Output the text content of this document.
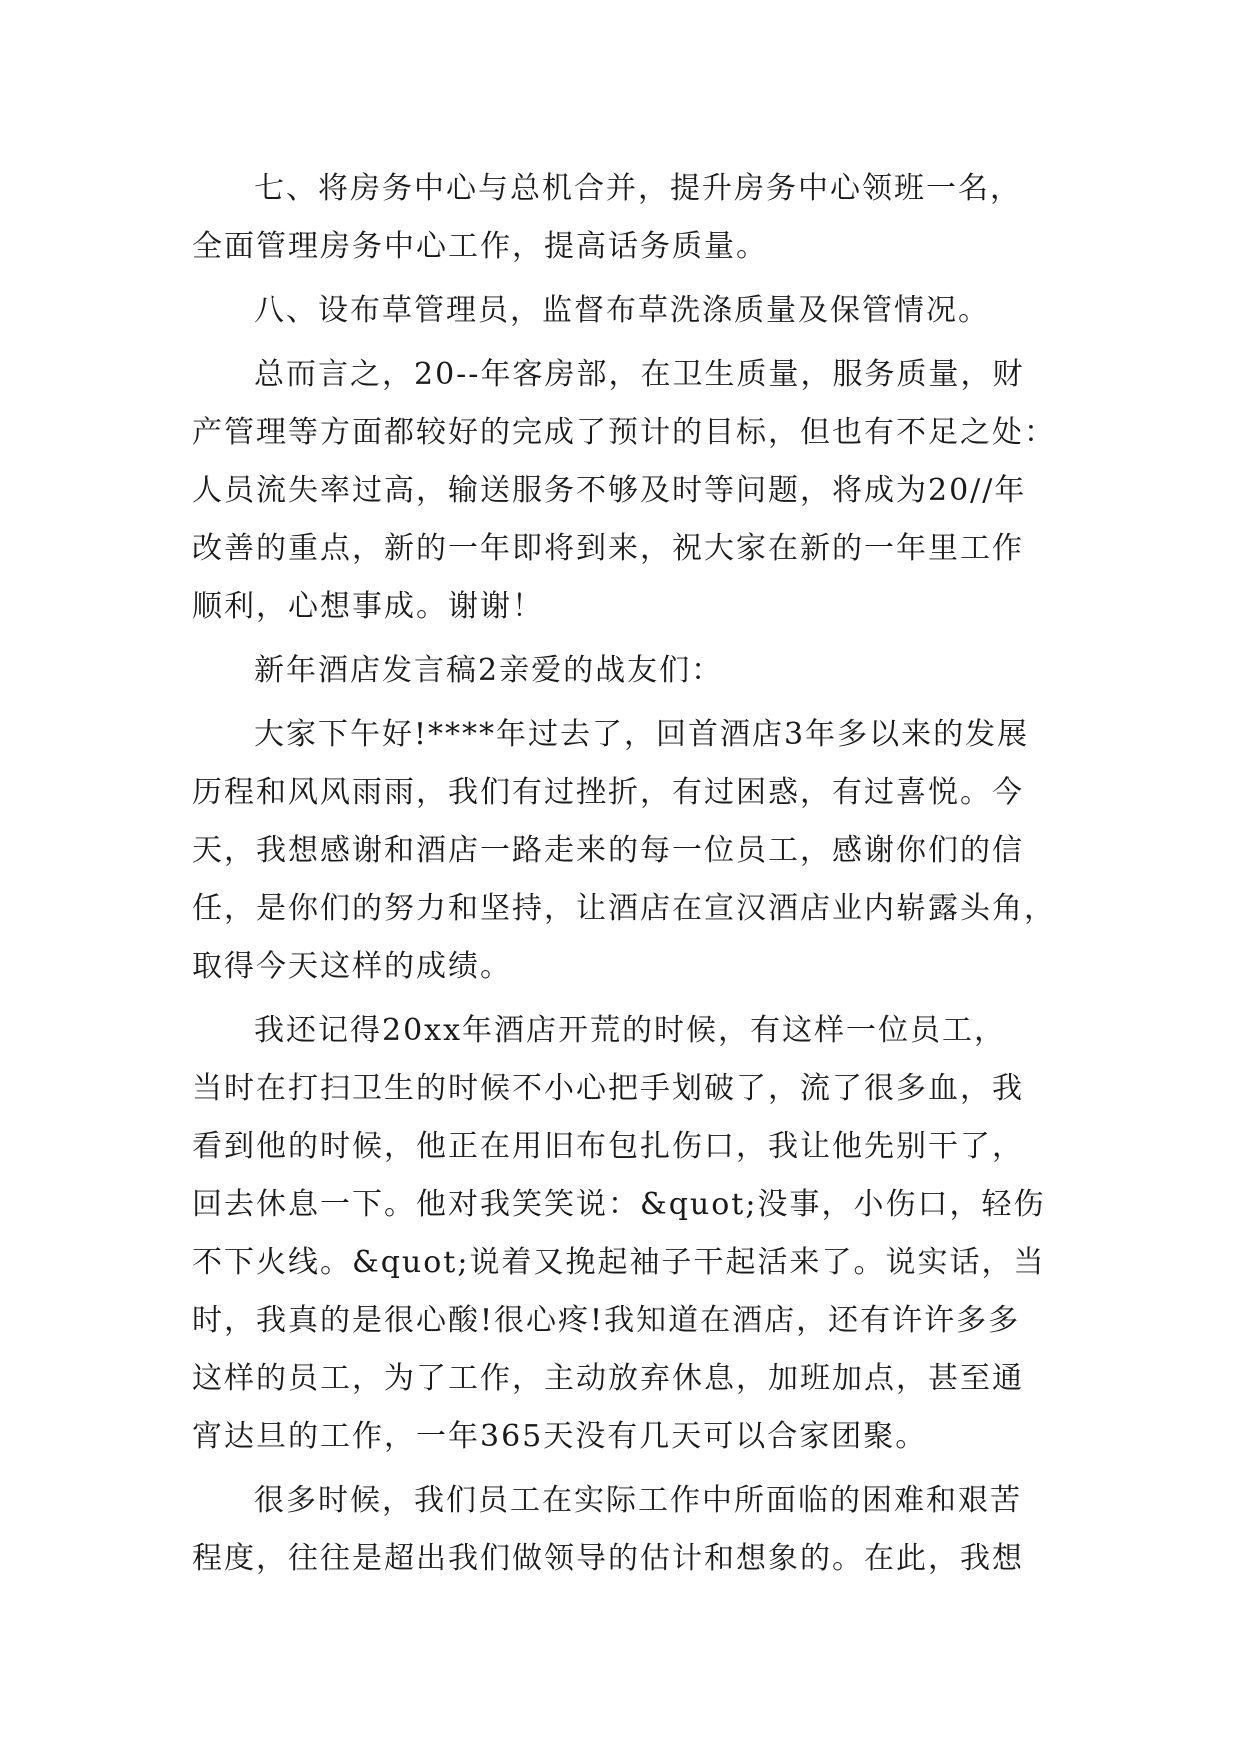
七、将房务中心与总机合并，提升房务中心领班一名，
全面管理房务中心工作，提高话务质量。
八、设布草管理员，监督布草洗涤质量及保管情况。
总而言之，20--年客房部，在卫生质量，服务质量，财
产管理等方面都较好的完成了预计的目标，但也有不足之处：
人员流失率过高，输送服务不够及时等问题，将成为20//年
改善的重点，新的一年即将到来，祝大家在新的一年里工作
顺利，心想事成。谢谢！
新年酒店发言稿2亲爱的战友们：
大家下午好!****年过去了，回首酒店3年多以来的发展
历程和风风雨雨，我们有过挫折，有过困惑，有过喜悦。今
天，我想感谢和酒店一路走来的每一位员工，感谢你们的信
任，是你们的努力和坚持，让酒店在宣汉酒店业内崭露头角，
取得今天这样的成绩。
我还记得20xx年酒店开荒的时候，有这样一位员工，
当时在打扫卫生的时候不小心把手划破了，流了很多血，我
看到他的时候，他正在用旧布包扎伤口，我让他先别干了，
回去休息一下。他对我笑笑说：&quot;没事，小伤口，轻伤
不下火线。&quot;说着又挽起袖子干起活来了。说实话，当
时，我真的是很心酸!很心疼!我知道在酒店，还有许许多多
这样的员工，为了工作，主动放弃休息，加班加点，甚至通
宵达旦的工作，一年365天没有几天可以合家团聚。
很多时候，我们员工在实际工作中所面临的困难和艰苦
程度，往往是超出我们做领导的估计和想象的。在此，我想
